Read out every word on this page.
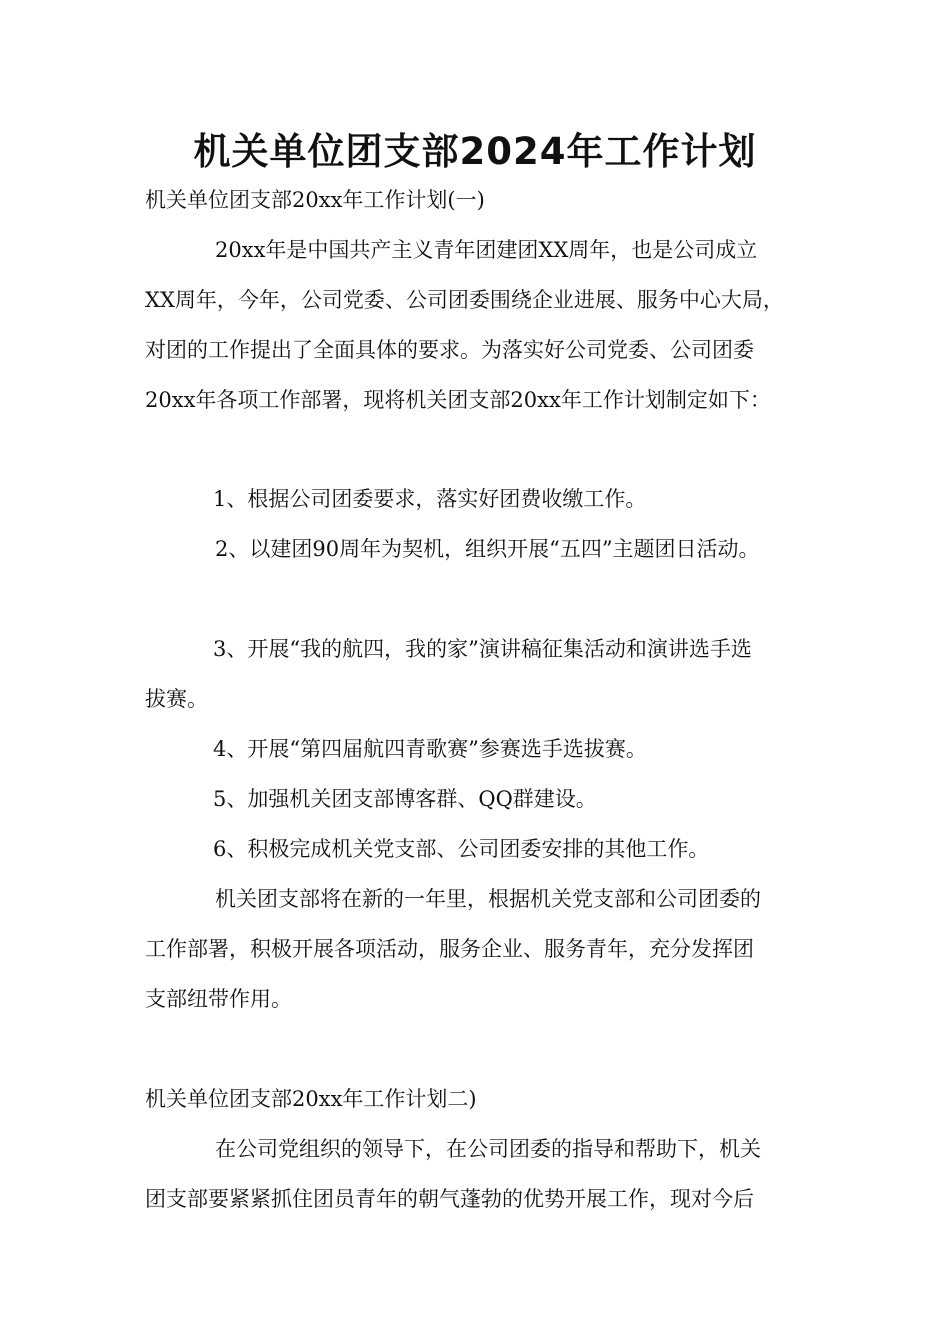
机关单位团支部2024年工作计划

机关单位团支部20xx年工作计划(一)

20xx年是中国共产主义青年团建团XX周年，也是公司成立

XX周年，今年，公司党委、公司团委围绕企业进展、服务中心大局，

对团的工作提出了全面具体的要求。为落实好公司党委、公司团委

20xx年各项工作部署，现将机关团支部20xx年工作计划制定如下：

1、根据公司团委要求，落实好团费收缴工作。

2、以建团90周年为契机，组织开展“五四”主题团日活动。

3、开展“我的航四，我的家”演讲稿征集活动和演讲选手选

拔赛。

4、开展“第四届航四青歌赛”参赛选手选拔赛。

5、加强机关团支部博客群、QQ群建设。

6、积极完成机关党支部、公司团委安排的其他工作。

机关团支部将在新的一年里，根据机关党支部和公司团委的

工作部署，积极开展各项活动，服务企业、服务青年，充分发挥团

支部纽带作用。

机关单位团支部20xx年工作计划二)

在公司党组织的领导下，在公司团委的指导和帮助下，机关

团支部要紧紧抓住团员青年的朝气蓬勃的优势开展工作，现对今后
